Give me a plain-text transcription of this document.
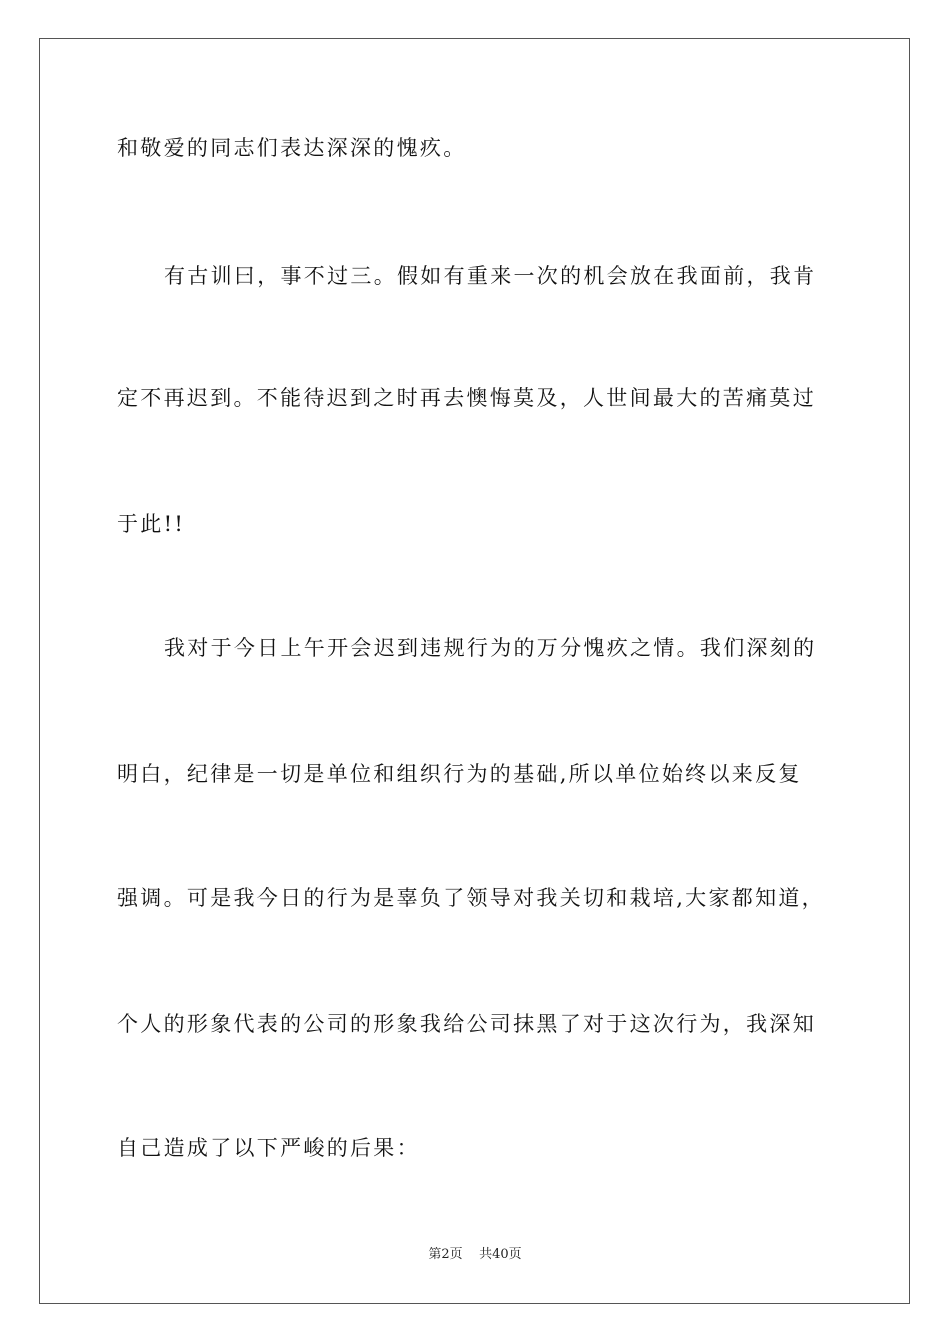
和敬爱的同志们表达深深的愧疚。
有古训曰，事不过三。假如有重来一次的机会放在我面前，我肯
定不再迟到。不能待迟到之时再去懊悔莫及，人世间最大的苦痛莫过
于此!!
我对于今日上午开会迟到违规行为的万分愧疚之情。我们深刻的
明白，纪律是一切是单位和组织行为的基础,所以单位始终以来反复
强调。可是我今日的行为是辜负了领导对我关切和栽培,大家都知道，
个人的形象代表的公司的形象我给公司抹黑了对于这次行为，我深知
自己造成了以下严峻的后果：
第2页 共40页
